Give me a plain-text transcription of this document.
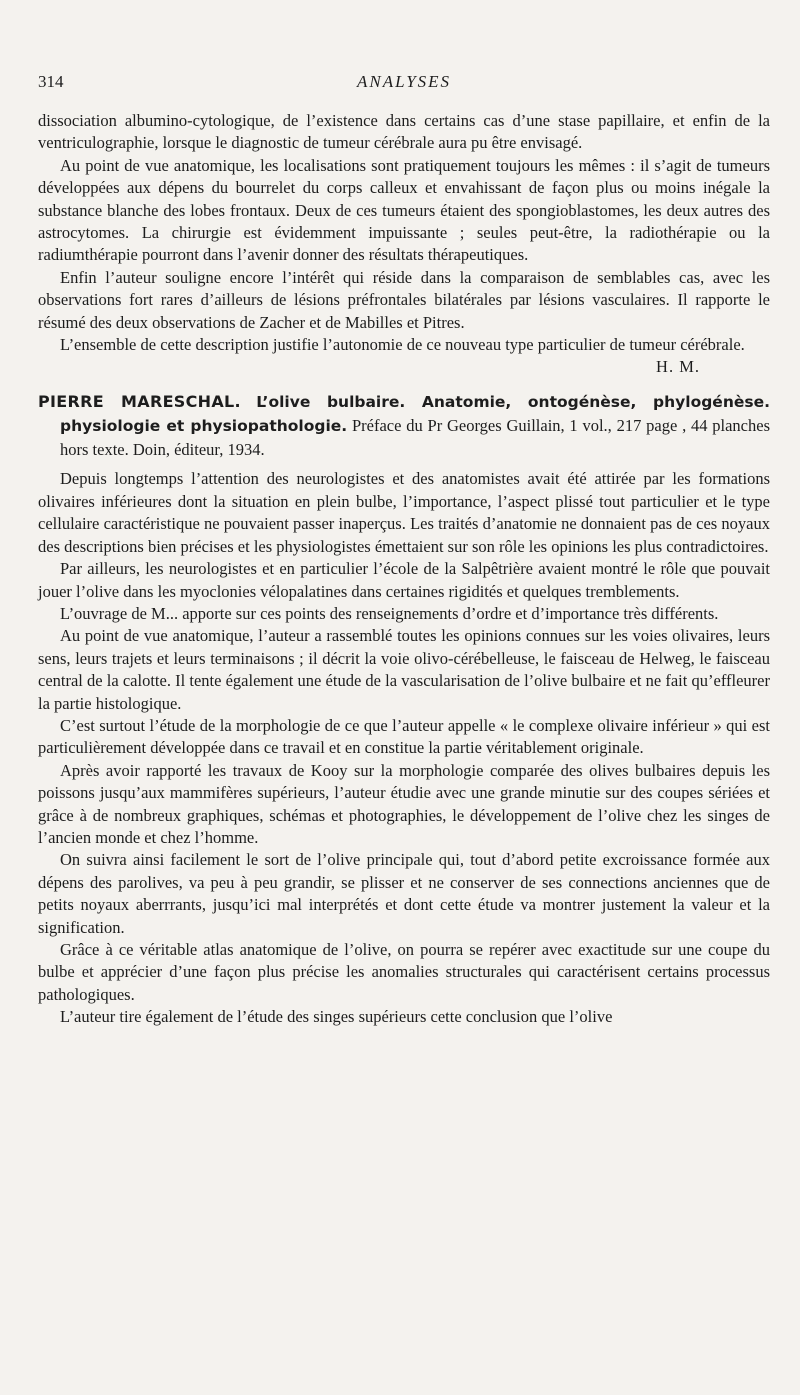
314	ANALYSES

dissociation albumino-cytologique, de l’existence dans certains cas d’une stase papillaire, et enfin de la ventriculographie, lorsque le diagnostic de tumeur cérébrale aura pu être envisagé.

Au point de vue anatomique, les localisations sont pratiquement toujours les mêmes : il s’agit de tumeurs développées aux dépens du bourrelet du corps calleux et envahissant de façon plus ou moins inégale la substance blanche des lobes frontaux. Deux de ces tumeurs étaient des spongioblastomes, les deux autres des astrocytomes. La chirurgie est évidemment impuissante ; seules peut-être, la radiothérapie ou la radiumthérapie pourront dans l’avenir donner des résultats thérapeutiques.

Enfin l’auteur souligne encore l’intérêt qui réside dans la comparaison de semblables cas, avec les observations fort rares d’ailleurs de lésions préfrontales bilatérales par lésions vasculaires. Il rapporte le résumé des deux observations de Zacher et de Mabilles et Pitres.

L’ensemble de cette description justifie l’autonomie de ce nouveau type particulier de tumeur cérébrale.
H. M.

PIERRE MARESCHAL. L’olive bulbaire. Anatomie, ontogénèse, phylogénèse. physiologie et physiopathologie. Préface du Pr Georges Guillain, 1 vol., 217 page , 44 planches hors texte. Doin, éditeur, 1934.

Depuis longtemps l’attention des neurologistes et des anatomistes avait été attirée par les formations olivaires inférieures dont la situation en plein bulbe, l’importance, l’aspect plissé tout particulier et le type cellulaire caractéristique ne pouvaient passer inaperçus. Les traités d’anatomie ne donnaient pas de ces noyaux des descriptions bien précises et les physiologistes émettaient sur son rôle les opinions les plus contradictoires.

Par ailleurs, les neurologistes et en particulier l’école de la Salpêtrière avaient montré le rôle que pouvait jouer l’olive dans les myoclonies vélopalatines dans certaines rigidités et quelques tremblements.

L’ouvrage de M... apporte sur ces points des renseignements d’ordre et d’importance très différents.

Au point de vue anatomique, l’auteur a rassemblé toutes les opinions connues sur les voies olivaires, leurs sens, leurs trajets et leurs terminaisons ; il décrit la voie olivo-cérébelleuse, le faisceau de Helweg, le faisceau central de la calotte. Il tente également une étude de la vascularisation de l’olive bulbaire et ne fait qu’effleurer la partie histologique.

C’est surtout l’étude de la morphologie de ce que l’auteur appelle « le complexe olivaire inférieur » qui est particulièrement développée dans ce travail et en constitue la partie véritablement originale.

Après avoir rapporté les travaux de Kooy sur la morphologie comparée des olives bulbaires depuis les poissons jusqu’aux mammifères supérieurs, l’auteur étudie avec une grande minutie sur des coupes sériées et grâce à de nombreux graphiques, schémas et photographies, le développement de l’olive chez les singes de l’ancien monde et chez l’homme.

On suivra ainsi facilement le sort de l’olive principale qui, tout d’abord petite excroissance formée aux dépens des parolives, va peu à peu grandir, se plisser et ne conserver de ses connections anciennes que de petits noyaux aberrrants, jusqu’ici mal interprétés et dont cette étude va montrer justement la valeur et la signification.

Grâce à ce véritable atlas anatomique de l’olive, on pourra se repérer avec exactitude sur une coupe du bulbe et apprécier d’une façon plus précise les anomalies structurales qui caractérisent certains processus pathologiques.

L’auteur tire également de l’étude des singes supérieurs cette conclusion que l’olive
